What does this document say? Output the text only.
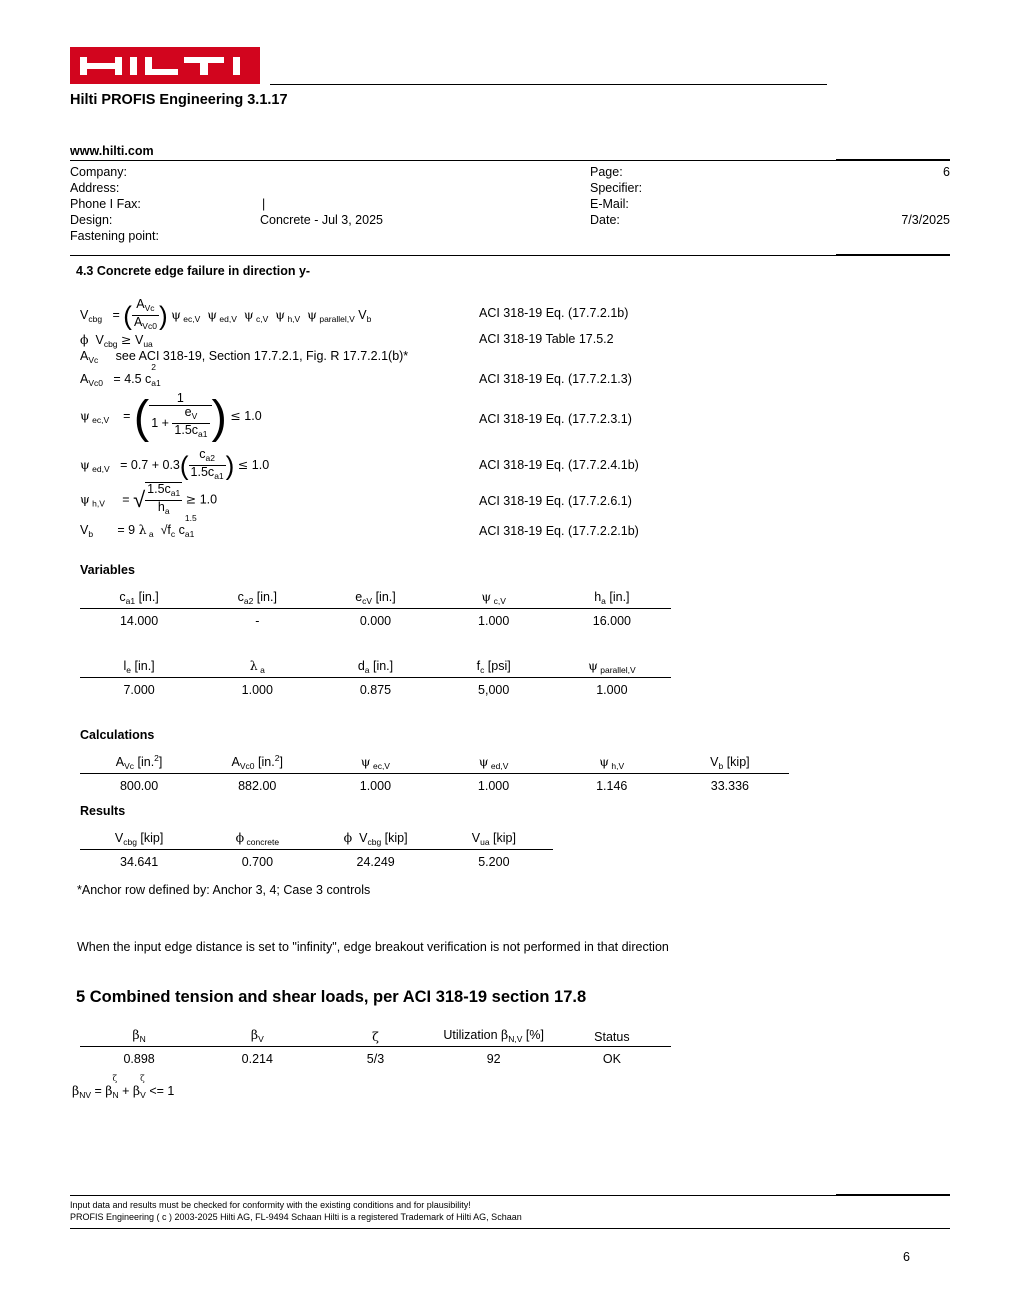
Hilti PROFIS Engineering 3.1.17
www.hilti.com
Company:
Address:
Phone I Fax:	|
Design:	Concrete - Jul 3, 2025
Fastening point:
Page:	6
Specifier:
E-Mail:
Date:	7/3/2025
4.3 Concrete edge failure in direction y-
$V_{cbg}$   = ( $\frac{A_{Vc}}{A_{Vc0}}$ ) ψ $_{ec,V}$ ψ $_{ed,V}$ ψ $_{c,V}$ ψ $_{h,V}$ ψ $_{parallel,V}$ $V_b$	ACI 318-19 Eq. (17.7.2.1b)
ϕ  $V_{cbg} \ge V_{ua}$	ACI 318-19 Table 17.5.2
$A_{Vc}$ see ACI 318-19, Section 17.7.2.1, Fig. R 17.7.2.1(b)*
$A_{Vc0} = 4.5$ c
2
$_{a1}$	ACI 318-19 Eq. (17.7.2.1.3)
ψ $_{ec,V}$    = ( $\frac{1}{1 + \frac{e_V}{1.5c_{a1}}}$ ) ≤ 1.0	ACI 318-19 Eq. (17.7.2.3.1)
ψ $_{ed,V} = 0.7 + 0.3( \frac{c_{a2}}{1.5c_{a1}}$ ) ≤ 1.0	ACI 318-19 Eq. (17.7.2.4.1b)
ψ $_{h,V}$     = √ $\frac{1.5c_{a1}}{h_a} \ge 1.0$	ACI 318-19 Eq. (17.7.2.6.1)
$V_b$       = 9 λ $_a$  $√f_c$ c
1.5
$_{a1}$	ACI 318-19 Eq. (17.7.2.2.1b)
Variables
$c_{a1}$ [in.]	$c_{a2}$ [in.]	$e_{cV}$ [in.]	ψ $_{c,V}$	$h_a$ [in.]
14.000	-	0.000	1.000	16.000
$l_e$ [in.]	λ $_a$	$d_a$ [in.]	$f_c$ [psi]	ψ $_{parallel,V}$
7.000	1.000	0.875	5,000	1.000
Calculations
$A_{Vc}$ [in.$^2$]	$A_{Vc0}$ [in.$^2$]	ψ $_{ec,V}$	ψ $_{ed,V}$	ψ $_{h,V}$	$V_b$ [kip]
800.00	882.00	1.000	1.000	1.146	33.336
Results
$V_{cbg}$ [kip]	ϕ $_{concrete}$	ϕ  $V_{cbg}$ [kip]	$V_{ua}$ [kip]
34.641	0.700	24.249	5.200
*Anchor row defined by: Anchor 3, 4; Case 3 controls
When the input edge distance is set to "infinity", edge breakout verification is not performed in that direction
5 Combined tension and shear loads, per ACI 318-19 section 17.8
$\beta_N$	$\beta_V$	ζ	Utilization $\beta_{N,V}$ [%]	Status
0.898	0.214	5/3	92	OK
$\beta_{NV} = \beta$
ζ
$_N$ + β
ζ
$_V$ <= 1
Input data and results must be checked for conformity with the existing conditions and for plausibility!
PROFIS Engineering ( c ) 2003-2025 Hilti AG, FL-9494 Schaan Hilti is a registered Trademark of Hilti AG, Schaan
6
